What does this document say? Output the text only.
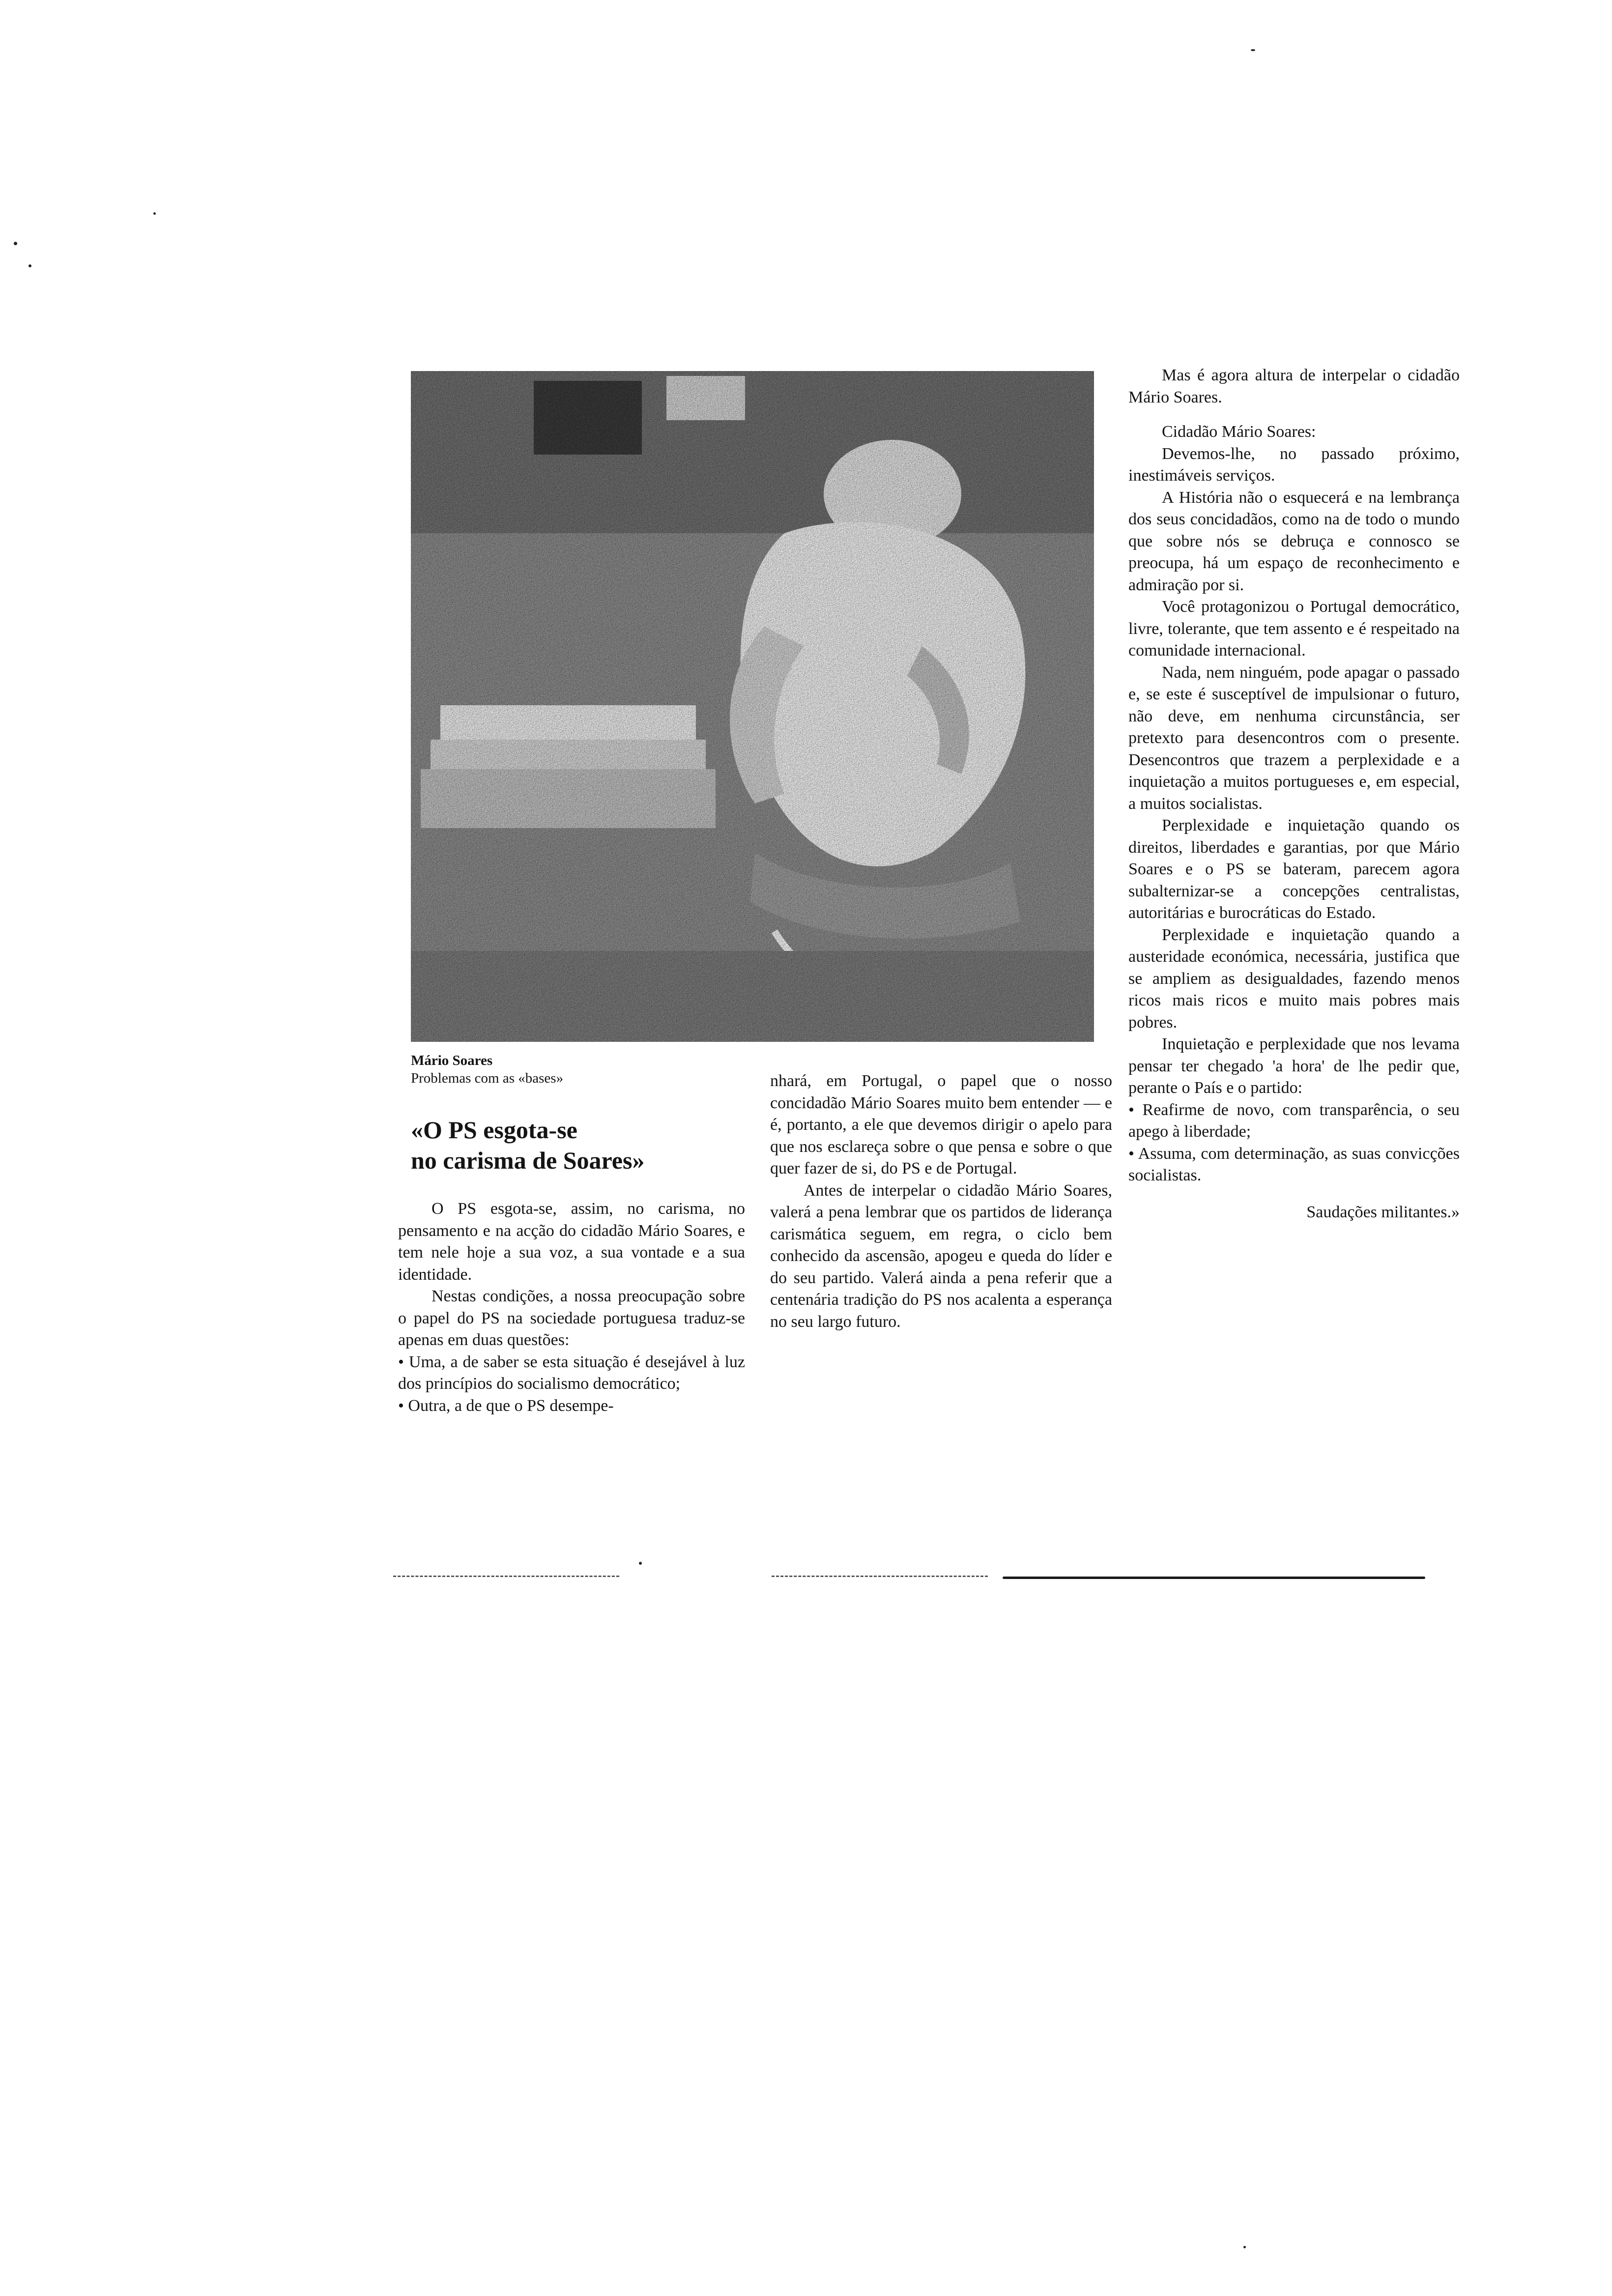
Mário Soares
Problemas com as «bases»
«O PS esgota-se
no carisma de Soares»

O PS esgota-se, assim, no carisma, no pensamento e na acção do cidadão Mário Soares, e tem nele hoje a sua voz, a sua vontade e a sua identidade.

Nestas condições, a nossa preocupação sobre o papel do PS na sociedade portuguesa traduz-se apenas em duas questões:

• Uma, a de saber se esta situação é desejável à luz dos princípios do socialismo democrático;

• Outra, a de que o PS desempe-

nhará, em Portugal, o papel que o nosso concidadão Mário Soares muito bem entender — e é, portanto, a ele que devemos dirigir o apelo para que nos esclareça sobre o que pensa e sobre o que quer fazer de si, do PS e de Portugal.

Antes de interpelar o cidadão Mário Soares, valerá a pena lembrar que os partidos de liderança carismática seguem, em regra, o ciclo bem conhecido da ascensão, apogeu e queda do líder e do seu partido. Valerá ainda a pena referir que a centenária tradição do PS nos acalenta a esperança no seu largo futuro.

Mas é agora altura de interpelar o cidadão Mário Soares.

Cidadão Mário Soares:

Devemos-lhe, no passado próximo, inestimáveis serviços.

A História não o esquecerá e na lembrança dos seus concidadãos, como na de todo o mundo que sobre nós se debruça e connosco se preocupa, há um espaço de reconhecimento e admiração por si.

Você protagonizou o Portugal democrático, livre, tolerante, que tem assento e é respeitado na comunidade internacional.

Nada, nem ninguém, pode apagar o passado e, se este é susceptível de impulsionar o futuro, não deve, em nenhuma circunstância, ser pretexto para desencontros com o presente. Desencontros que trazem a perplexidade e a inquietação a muitos portugueses e, em especial, a muitos socialistas.

Perplexidade e inquietação quando os direitos, liberdades e garantias, por que Mário Soares e o PS se bateram, parecem agora subalternizar-se a concepções centralistas, autoritárias e burocráticas do Estado.

Perplexidade e inquietação quando a austeridade económica, necessária, justifica que se ampliem as desigualdades, fazendo menos ricos mais ricos e muito mais pobres mais pobres.

Inquietação e perplexidade que nos levama pensar ter chegado 'a hora' de lhe pedir que, perante o País e o partido:

• Reafirme de novo, com transparência, o seu apego à liberdade;

• Assuma, com determinação, as suas convicções socialistas.

Saudações militantes.»
